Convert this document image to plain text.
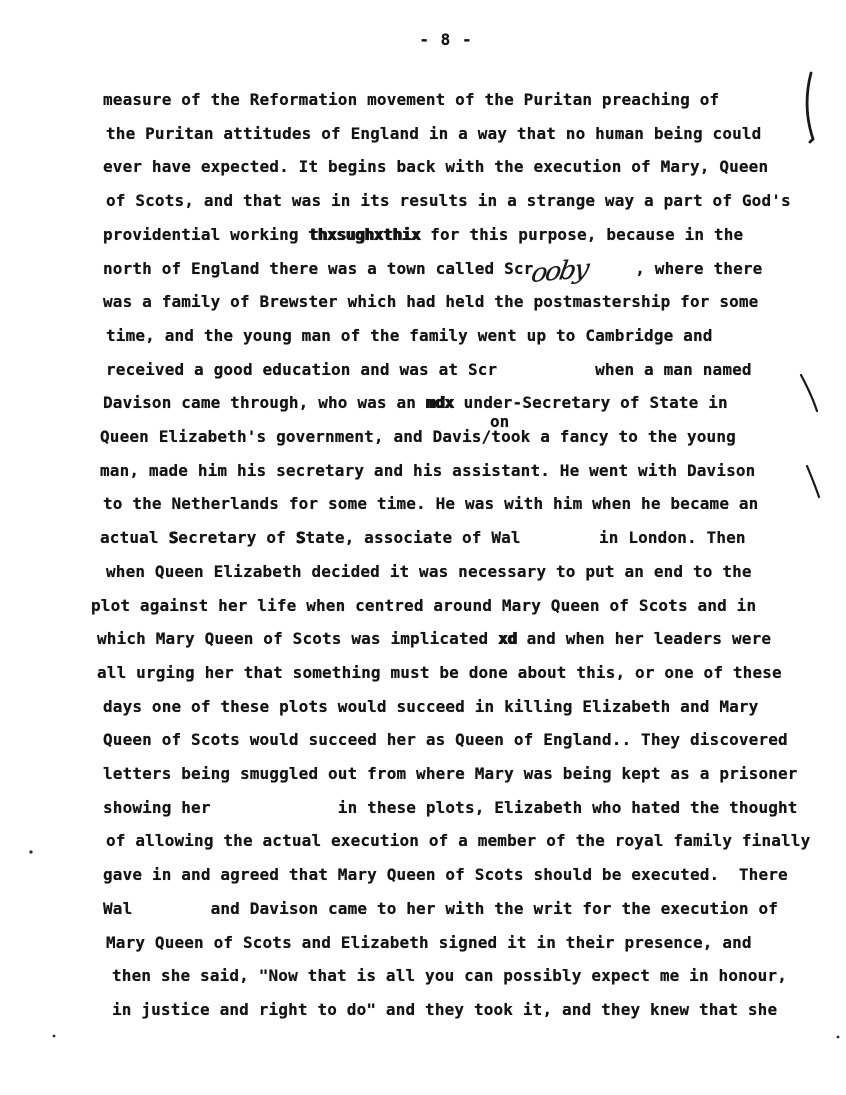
- 8 -
measure of the Reformation movement of the Puritan preaching of
the Puritan attitudes of England in a way that no human being could
ever have expected. It begins back with the execution of Mary, Queen
of Scots, and that was in its results in a strange way a part of God's
providential working thxsughxthix for this purpose, because in the
north of England there was a town called Scrooby , where there
was a family of Brewster which had held the postmastership for some
time, and the young man of the family went up to Cambridge and
received a good education and was at Scr          when a man named
Davison came through, who was an mdx under-Secretary of State in
Queen Elizabeth's government, and Davis/took a fancy to the young
man, made him his secretary and his assistant. He went with Davison
to the Netherlands for some time. He was with him when he became an
actual Secretary of State, associate of Wal        in London. Then
when Queen Elizabeth decided it was necessary to put an end to the
plot against her life when centred around Mary Queen of Scots and in
which Mary Queen of Scots was implicated xd and when her leaders were
all urging her that something must be done about this, or one of these
days one of these plots would succeed in killing Elizabeth and Mary
Queen of Scots would succeed her as Queen of England.. They discovered
letters being smuggled out from where Mary was being kept as a prisoner
showing her             in these plots, Elizabeth who hated the thought
of allowing the actual execution of a member of the royal family finally
gave in and agreed that Mary Queen of Scots should be executed.  There
Wal        and Davison came to her with the writ for the execution of
Mary Queen of Scots and Elizabeth signed it in their presence, and
then she said, "Now that is all you can possibly expect me in honour,
in justice and right to do" and they took it, and they knew that she
on
